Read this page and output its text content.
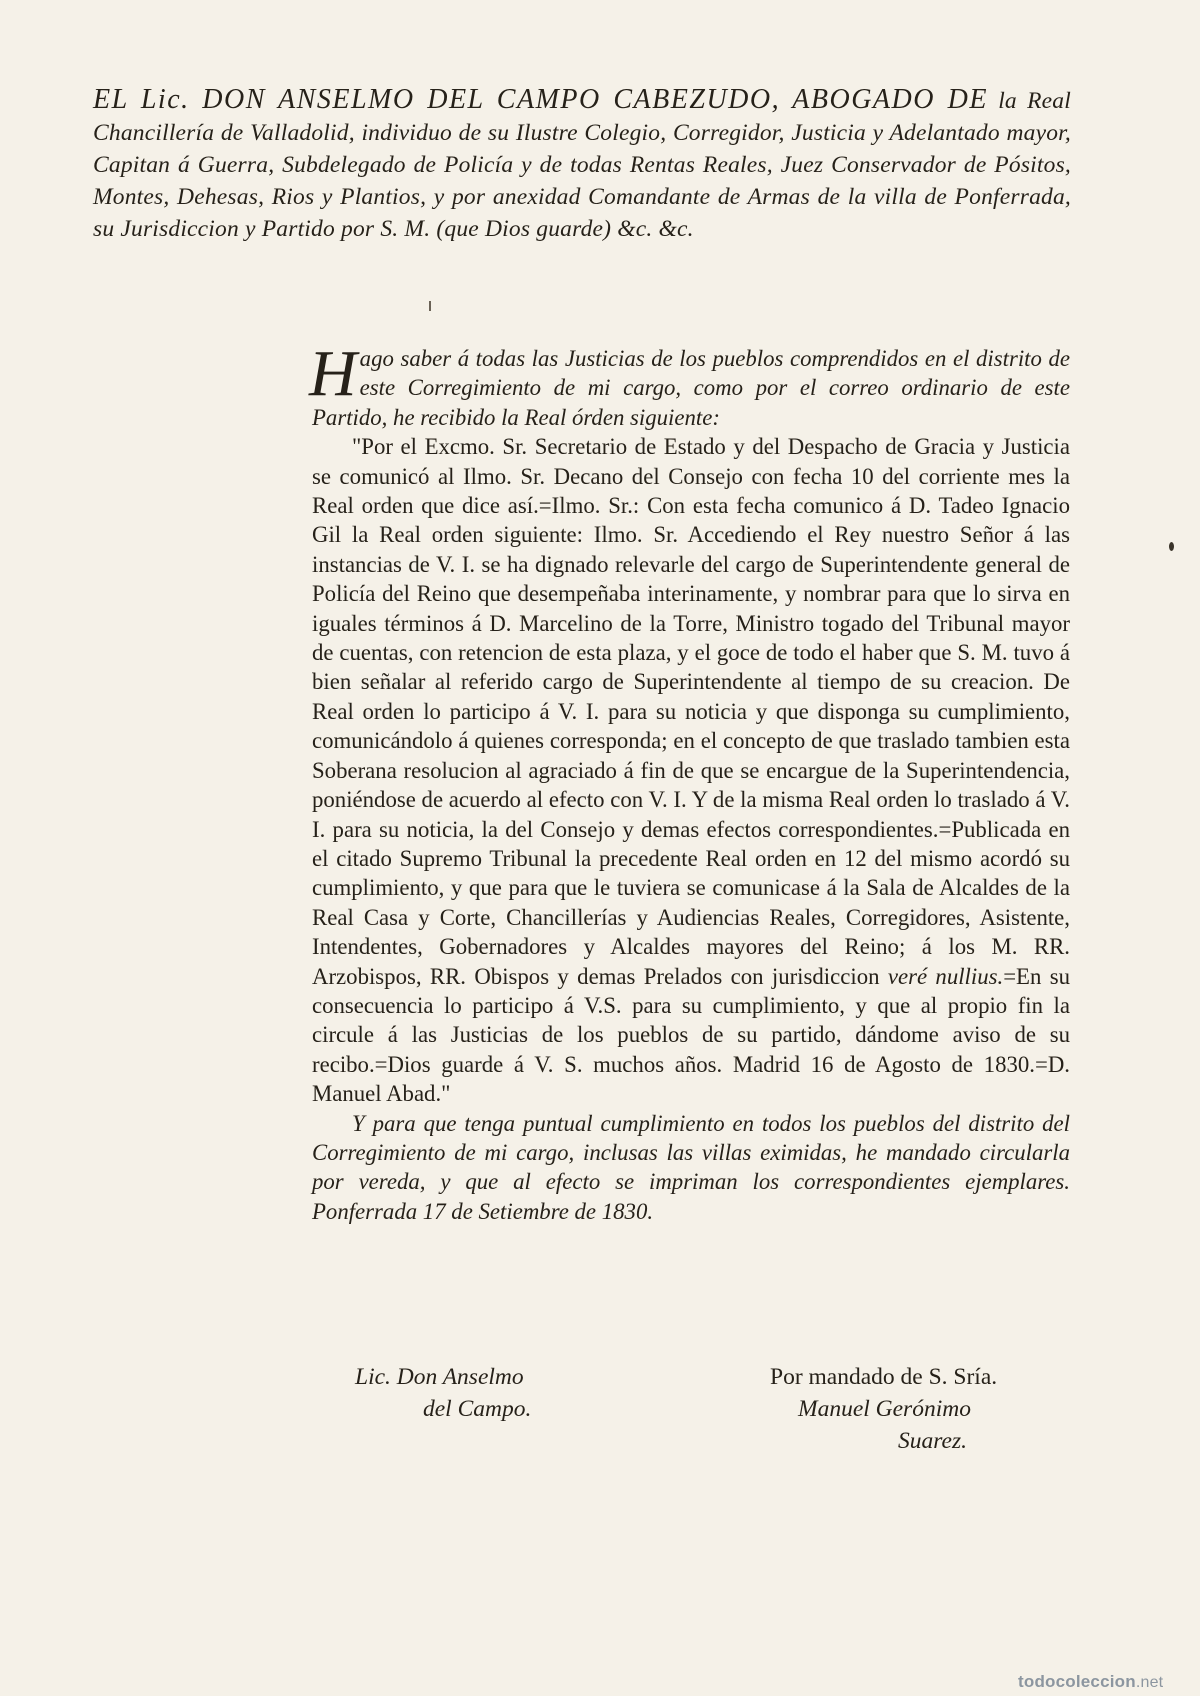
EL Lic. DON ANSELMO DEL CAMPO CABEZUDO, ABOGADO DE la Real Chancillería de Valladolid, individuo de su Ilustre Colegio, Corregidor, Justicia y Adelantado mayor, Capitan á Guerra, Subdelegado de Policía y de todas Rentas Reales, Juez Conservador de Pósitos, Montes, Dehesas, Rios y Plantios, y por anexidad Comandante de Armas de la villa de Ponferrada, su Jurisdiccion y Partido por S. M. (que Dios guarde) &c. &c.

Hago saber á todas las Justicias de los pueblos comprendidos en el distrito de este Corregimiento de mi cargo, como por el correo ordinario de este Partido, he recibido la Real órden siguiente:

"Por el Excmo. Sr. Secretario de Estado y del Despacho de Gracia y Justicia se comunicó al Ilmo. Sr. Decano del Consejo con fecha 10 del corriente mes la Real orden que dice así.=Ilmo. Sr.: Con esta fecha comunico á D. Tadeo Ignacio Gil la Real orden siguiente: Ilmo. Sr. Accediendo el Rey nuestro Señor á las instancias de V. I. se ha dignado relevarle del cargo de Superintendente general de Policía del Reino que desempeñaba interinamente, y nombrar para que lo sirva en iguales términos á D. Marcelino de la Torre, Ministro togado del Tribunal mayor de cuentas, con retencion de esta plaza, y el goce de todo el haber que S. M. tuvo á bien señalar al referido cargo de Superintendente al tiempo de su creacion. De Real orden lo participo á V. I. para su noticia y que disponga su cumplimiento, comunicándolo á quienes corresponda; en el concepto de que traslado tambien esta Soberana resolucion al agraciado á fin de que se encargue de la Superintendencia, poniéndose de acuerdo al efecto con V. I. Y de la misma Real orden lo traslado á V. I. para su noticia, la del Consejo y demas efectos correspondientes.=Publicada en el citado Supremo Tribunal la precedente Real orden en 12 del mismo acordó su cumplimiento, y que para que le tuviera se comunicase á la Sala de Alcaldes de la Real Casa y Corte, Chancillerías y Audiencias Reales, Corregidores, Asistente, Intendentes, Gobernadores y Alcaldes mayores del Reino; á los M. RR. Arzobispos, RR. Obispos y demas Prelados con jurisdiccion veré nullius.=En su consecuencia lo participo á V.S. para su cumplimiento, y que al propio fin la circule á las Justicias de los pueblos de su partido, dándome aviso de su recibo.=Dios guarde á V. S. muchos años. Madrid 16 de Agosto de 1830.=D. Manuel Abad."

Y para que tenga puntual cumplimiento en todos los pueblos del distrito del Corregimiento de mi cargo, inclusas las villas eximidas, he mandado circularla por vereda, y que al efecto se impriman los correspondientes ejemplares. Ponferrada 17 de Setiembre de 1830.

Lic. Don Anselmo
del Campo.
Por mandado de S. Sría.
Manuel Gerónimo
Suarez.
todocoleccion.net
